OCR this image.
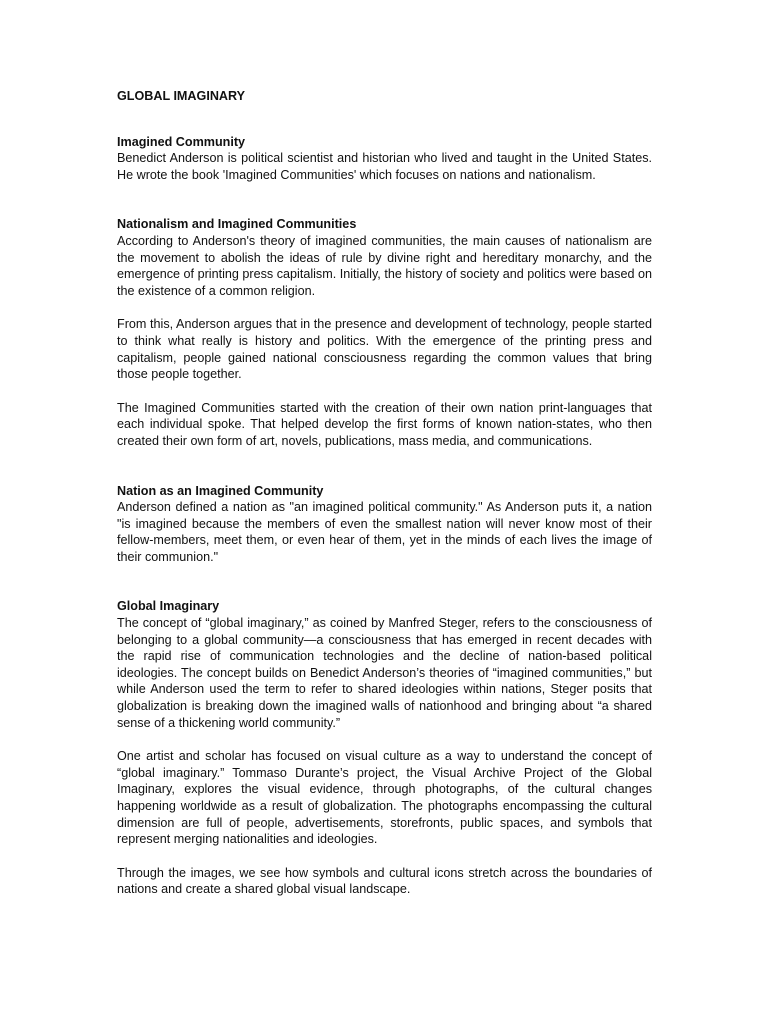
GLOBAL IMAGINARY

Imagined Community

Benedict Anderson is political scientist and historian who lived and taught in the United States. He wrote the book 'Imagined Communities' which focuses on nations and nationalism.

Nationalism and Imagined Communities

According to Anderson's theory of imagined communities, the main causes of nationalism are the movement to abolish the ideas of rule by divine right and hereditary monarchy, and the emergence of printing press capitalism. Initially, the history of society and politics were based on the existence of a common religion.

From this, Anderson argues that in the presence and development of technology, people started to think what really is history and politics. With the emergence of the printing press and capitalism, people gained national consciousness regarding the common values that bring those people together.

The Imagined Communities started with the creation of their own nation print-languages that each individual spoke. That helped develop the first forms of known nation-states, who then created their own form of art, novels, publications, mass media, and communications.

Nation as an Imagined Community

Anderson defined a nation as "an imagined political community." As Anderson puts it, a nation "is imagined because the members of even the smallest nation will never know most of their fellow-members, meet them, or even hear of them, yet in the minds of each lives the image of their communion."

Global Imaginary

The concept of “global imaginary,” as coined by Manfred Steger, refers to the consciousness of belonging to a global community—a consciousness that has emerged in recent decades with the rapid rise of communication technologies and the decline of nation-based political ideologies. The concept builds on Benedict Anderson’s theories of “imagined communities,” but while Anderson used the term to refer to shared ideologies within nations, Steger posits that globalization is breaking down the imagined walls of nationhood and bringing about “a shared sense of a thickening world community.”

One artist and scholar has focused on visual culture as a way to understand the concept of “global imaginary.” Tommaso Durante’s project, the Visual Archive Project of the Global Imaginary, explores the visual evidence, through photographs, of the cultural changes happening worldwide as a result of globalization. The photographs encompassing the cultural dimension are full of people, advertisements, storefronts, public spaces, and symbols that represent merging nationalities and ideologies.

Through the images, we see how symbols and cultural icons stretch across the boundaries of nations and create a shared global visual landscape.
